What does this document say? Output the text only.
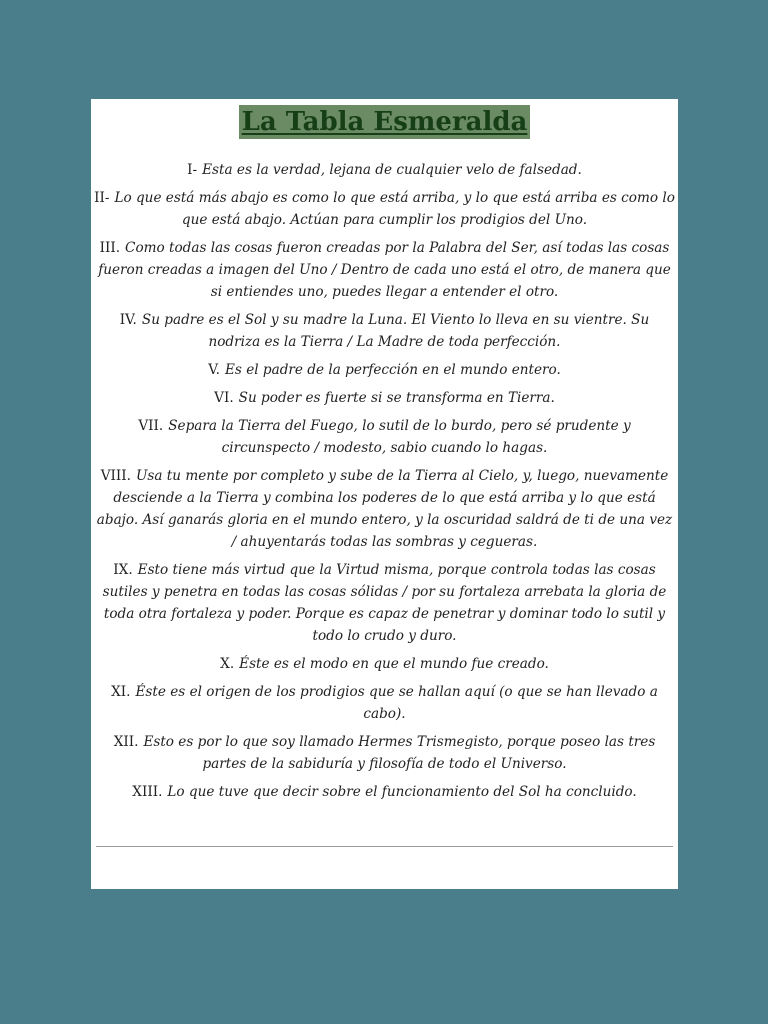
La Tabla Esmeralda

I- Esta es la verdad, lejana de cualquier velo de falsedad.

II- Lo que está más abajo es como lo que está arriba, y lo que está arriba es como lo que está abajo. Actúan para cumplir los prodigios del Uno.

III. Como todas las cosas fueron creadas por la Palabra del Ser, así todas las cosas fueron creadas a imagen del Uno / Dentro de cada uno está el otro, de manera que si entiendes uno, puedes llegar a entender el otro.

IV. Su padre es el Sol y su madre la Luna. El Viento lo lleva en su vientre. Su nodriza es la Tierra / La Madre de toda perfección.

V. Es el padre de la perfección en el mundo entero.

VI. Su poder es fuerte si se transforma en Tierra.

VII. Separa la Tierra del Fuego, lo sutil de lo burdo, pero sé prudente y circunspecto / modesto, sabio cuando lo hagas.

VIII. Usa tu mente por completo y sube de la Tierra al Cielo, y, luego, nuevamente desciende a la Tierra y combina los poderes de lo que está arriba y lo que está abajo. Así ganarás gloria en el mundo entero, y la oscuridad saldrá de ti de una vez / ahuyentarás todas las sombras y cegueras.

IX. Esto tiene más virtud que la Virtud misma, porque controla todas las cosas sutiles y penetra en todas las cosas sólidas / por su fortaleza arrebata la gloria de toda otra fortaleza y poder. Porque es capaz de penetrar y dominar todo lo sutil y todo lo crudo y duro.

X. Éste es el modo en que el mundo fue creado.

XI. Éste es el origen de los prodigios que se hallan aquí (o que se han llevado a cabo).

XII. Esto es por lo que soy llamado Hermes Trismegisto, porque poseo las tres partes de la sabiduría y filosofía de todo el Universo.

XIII. Lo que tuve que decir sobre el funcionamiento del Sol ha concluido.
